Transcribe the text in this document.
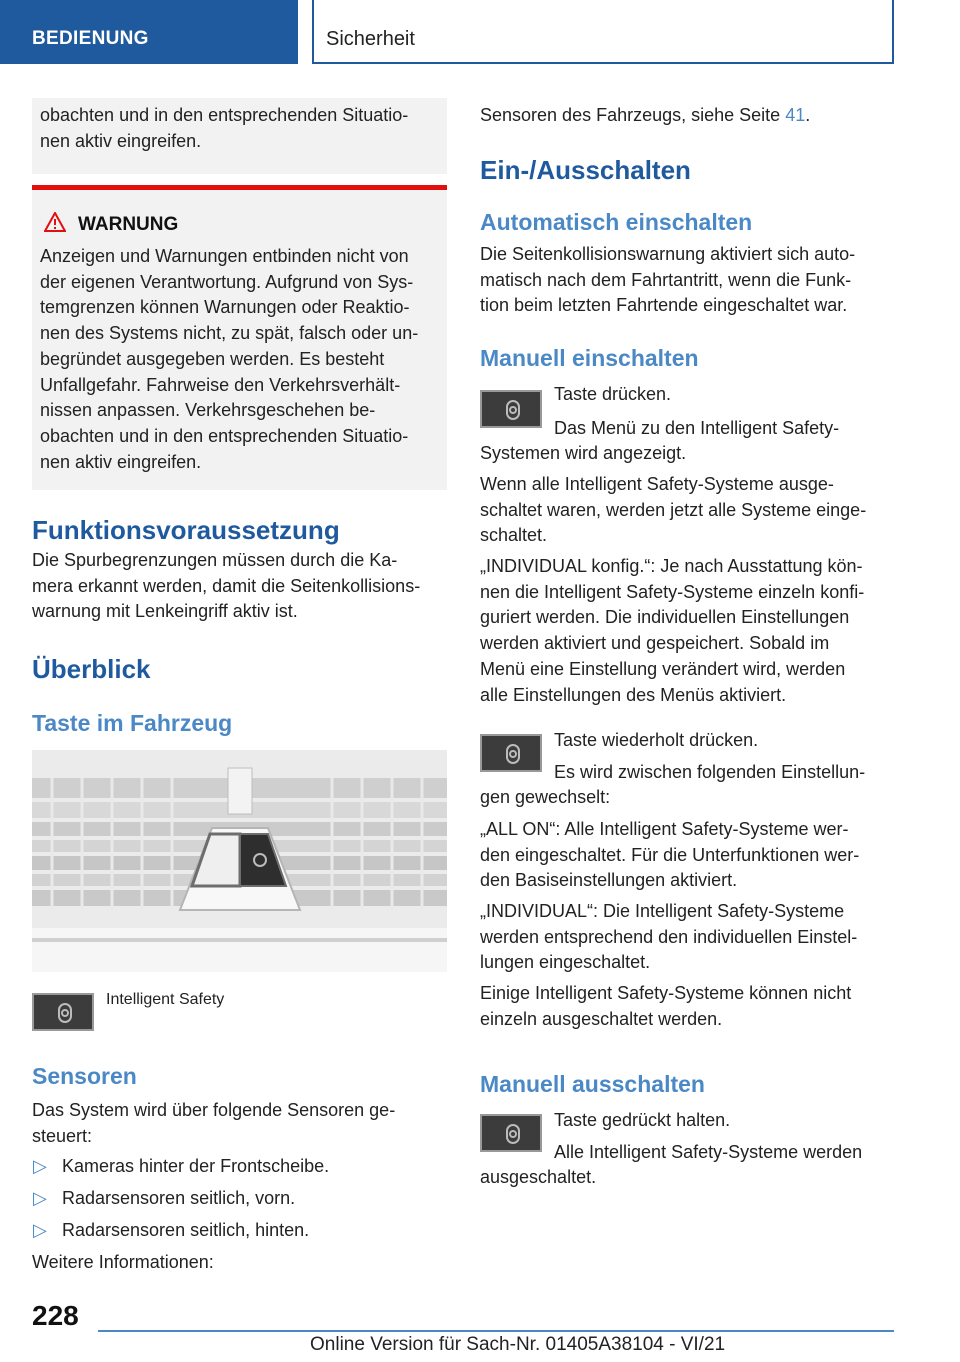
BEDIENUNG	Sicherheit

obachten und in den entsprechenden Situatio-

nen aktiv eingreifen.

WARNUNG

Anzeigen und Warnungen entbinden nicht von

der eigenen Verantwortung. Aufgrund von Sys-

temgrenzen können Warnungen oder Reaktio-

nen des Systems nicht, zu spät, falsch oder un-

begründet ausgegeben werden. Es besteht

Unfallgefahr. Fahrweise den Verkehrsverhält-

nissen anpassen. Verkehrsgeschehen be-

obachten und in den entsprechenden Situatio-

nen aktiv eingreifen.

Funktionsvoraussetzung

Die Spurbegrenzungen müssen durch die Ka-

mera erkannt werden, damit die Seitenkollisions-

warnung mit Lenkeingriff aktiv ist.

Überblick
Taste im Fahrzeug
Intelligent Safety
Sensoren

Das System wird über folgende Sensoren ge-

steuert:

▷ Kameras hinter der Frontscheibe.

▷ Radarsensoren seitlich, vorn.

▷ Radarsensoren seitlich, hinten.

Weitere Informationen:

Sensoren des Fahrzeugs, siehe Seite 41.

Ein-/Ausschalten
Automatisch einschalten

Die Seitenkollisionswarnung aktiviert sich auto-

matisch nach dem Fahrtantritt, wenn die Funk-

tion beim letzten Fahrtende eingeschaltet war.

Manuell einschalten

Taste drücken.

Das Menü zu den Intelligent Safety-

Systemen wird angezeigt.

Wenn alle Intelligent Safety-Systeme ausge-

schaltet waren, werden jetzt alle Systeme einge-

schaltet.

„INDIVIDUAL konfig.“: Je nach Ausstattung kön-

nen die Intelligent Safety-Systeme einzeln konfi-

guriert werden. Die individuellen Einstellungen

werden aktiviert und gespeichert. Sobald im

Menü eine Einstellung verändert wird, werden

alle Einstellungen des Menüs aktiviert.

Taste wiederholt drücken.

Es wird zwischen folgenden Einstellun-

gen gewechselt:

„ALL ON“: Alle Intelligent Safety-Systeme wer-

den eingeschaltet. Für die Unterfunktionen wer-

den Basiseinstellungen aktiviert.

„INDIVIDUAL“: Die Intelligent Safety-Systeme

werden entsprechend den individuellen Einstel-

lungen eingeschaltet.

Einige Intelligent Safety-Systeme können nicht

einzeln ausgeschaltet werden.

Manuell ausschalten

Taste gedrückt halten.

Alle Intelligent Safety-Systeme werden

ausgeschaltet.

228
Online Version für Sach-Nr. 01405A38104 - VI/21
